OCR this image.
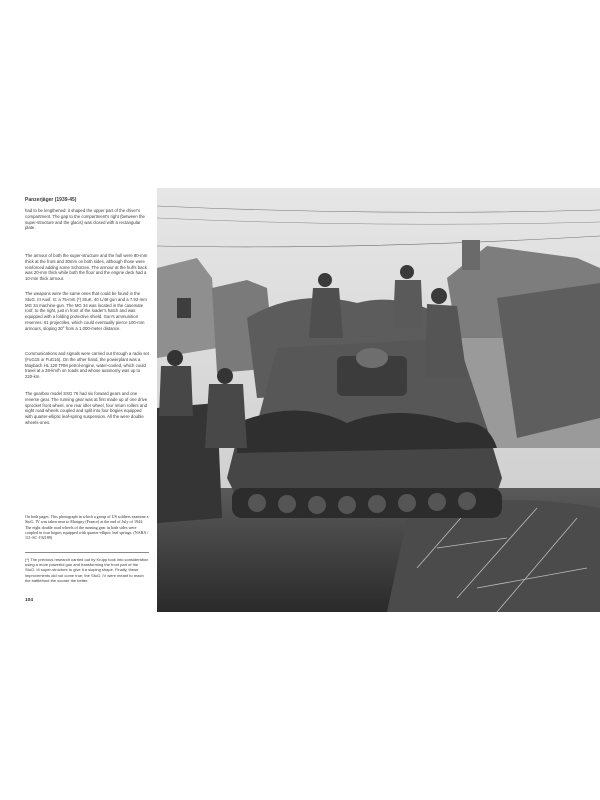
Panzerjäger (1939-45)

had to be lengthened: it shaped the upper part of the driver's compartment. The gap to the compartment's right (between the super-structure and the glacis) was closed with a rectangular plate.

The armour of both the super-structure and the hull were 80-mm thick at the front and 30mm on both sides, although those were reinforced adding some Schürzen. The armour at the hull's back was 20-mm thick while both the floor and the engine deck had a 10-mm thick armour.

The weapons were the same ones that could be found in the StuG. III Ausf. G: a 75-mm (*) StuK. 40 L/48 gun and a 7.92-mm MG 34 machine-gun. The MG 34 was located in the casemate roof, to the right, just in front of the loader's hatch and was equipped with a folding protective shield. Gun's ammunition reserves: 61 projectiles, which could eventually pierce 100-mm armours, sloping 30° from a 1,000-meter distance.

Communications and signals were carried out through a radio set (FuG15 or FuG16). On the other hand, the powerplant was a Maybach HL 120 TRM petrol-engine, water-cooled, which could travel at a 38-km/h on roads and whose autonomy was up to 220-km.

The gearbox model SSG 76 had six forward gears and one reverse gear. The running gear was at first made up of one drive sprocket front wheel, one rear idler wheel, four return rollers and eight road wheels coupled and split into four bogies equipped with quarter-elliptic leaf-spring suspension. All the were double wheels-ones.

On both pages. This photograph in which a group of US soldiers examine a StuG. IV was taken near to Marigny (France) at the end of July of 1944. The eight double road wheels of the running gear in both sides were coupled in four bogies equipped with quarter-elliptic leaf springs. (NARA / 111-SC-192189)

(*) The previous research carried out by Krupp took into consideration using a more powerful gun and transforming the front part of the StuG. III super-structure to give it a sloping shape. Finally, these improvements did not come true; the StuG. IV were meant to reach the battlefront the sooner the better.

104
